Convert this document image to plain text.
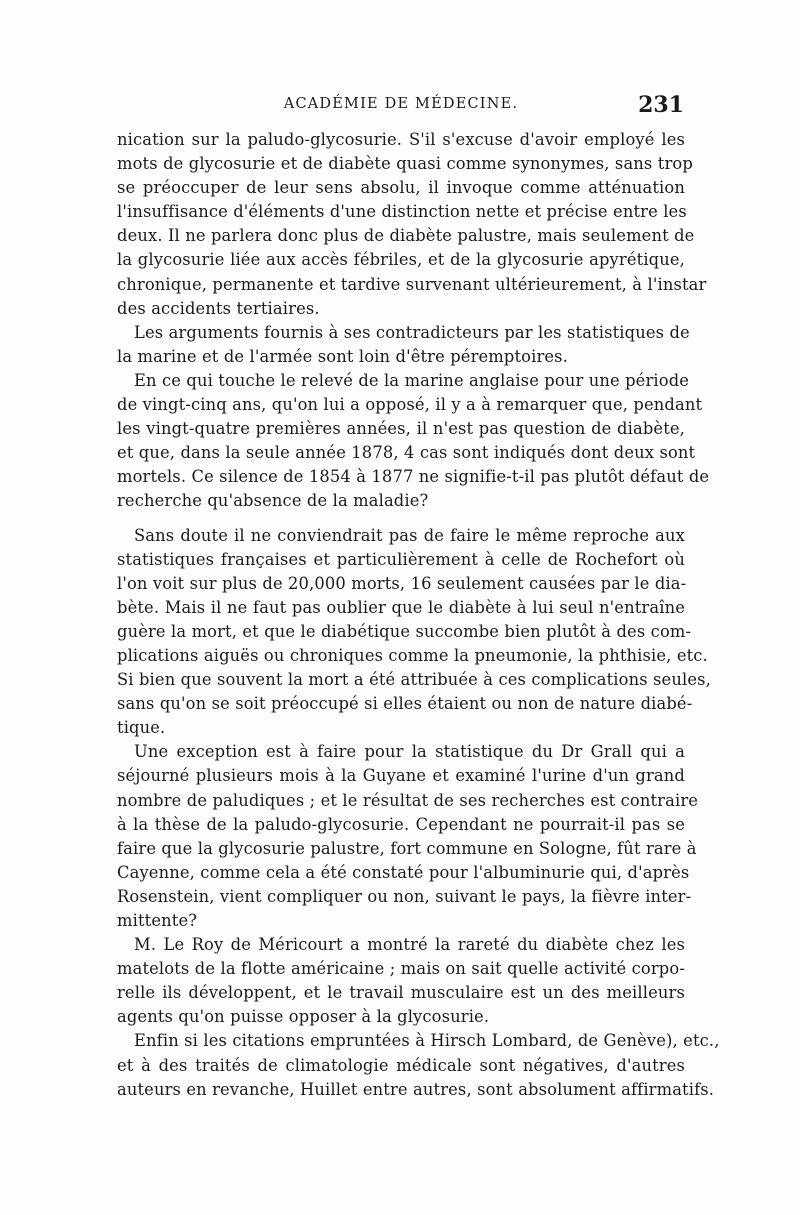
ACADÉMIE DE MÉDECINE.	231
nication sur la paludo-glycosurie. S'il s'excuse d'avoir employé les
mots de glycosurie et de diabète quasi comme synonymes, sans trop
se préoccuper de leur sens absolu, il invoque comme atténuation
l'insuffisance d'éléments d'une distinction nette et précise entre les
deux. Il ne parlera donc plus de diabète palustre, mais seulement de
la glycosurie liée aux accès fébriles, et de la glycosurie apyrétique,
chronique, permanente et tardive survenant ultérieurement, à l'instar
des accidents tertiaires.
Les arguments fournis à ses contradicteurs par les statistiques de
la marine et de l'armée sont loin d'être péremptoires.
En ce qui touche le relevé de la marine anglaise pour une période
de vingt-cinq ans, qu'on lui a opposé, il y a à remarquer que, pendant
les vingt-quatre premières années, il n'est pas question de diabète,
et que, dans la seule année 1878, 4 cas sont indiqués dont deux sont
mortels. Ce silence de 1854 à 1877 ne signifie-t-il pas plutôt défaut de
recherche qu'absence de la maladie?
Sans doute il ne conviendrait pas de faire le même reproche aux
statistiques françaises et particulièrement à celle de Rochefort où
l'on voit sur plus de 20,000 morts, 16 seulement causées par le dia-
bète. Mais il ne faut pas oublier que le diabète à lui seul n'entraîne
guère la mort, et que le diabétique succombe bien plutôt à des com-
plications aiguës ou chroniques comme la pneumonie, la phthisie, etc.
Si bien que souvent la mort a été attribuée à ces complications seules,
sans qu'on se soit préoccupé si elles étaient ou non de nature diabé-
tique.
Une exception est à faire pour la statistique du Dr Grall qui a
séjourné plusieurs mois à la Guyane et examiné l'urine d'un grand
nombre de paludiques ; et le résultat de ses recherches est contraire
à la thèse de la paludo-glycosurie. Cependant ne pourrait-il pas se
faire que la glycosurie palustre, fort commune en Sologne, fût rare à
Cayenne, comme cela a été constaté pour l'albuminurie qui, d'après
Rosenstein, vient compliquer ou non, suivant le pays, la fièvre inter-
mittente?
M. Le Roy de Méricourt a montré la rareté du diabète chez les
matelots de la flotte américaine ; mais on sait quelle activité corpo-
relle ils développent, et le travail musculaire est un des meilleurs
agents qu'on puisse opposer à la glycosurie.
Enfin si les citations empruntées à Hirsch Lombard, de Genève), etc.,
et à des traités de climatologie médicale sont négatives, d'autres
auteurs en revanche, Huillet entre autres, sont absolument affirmatifs.
